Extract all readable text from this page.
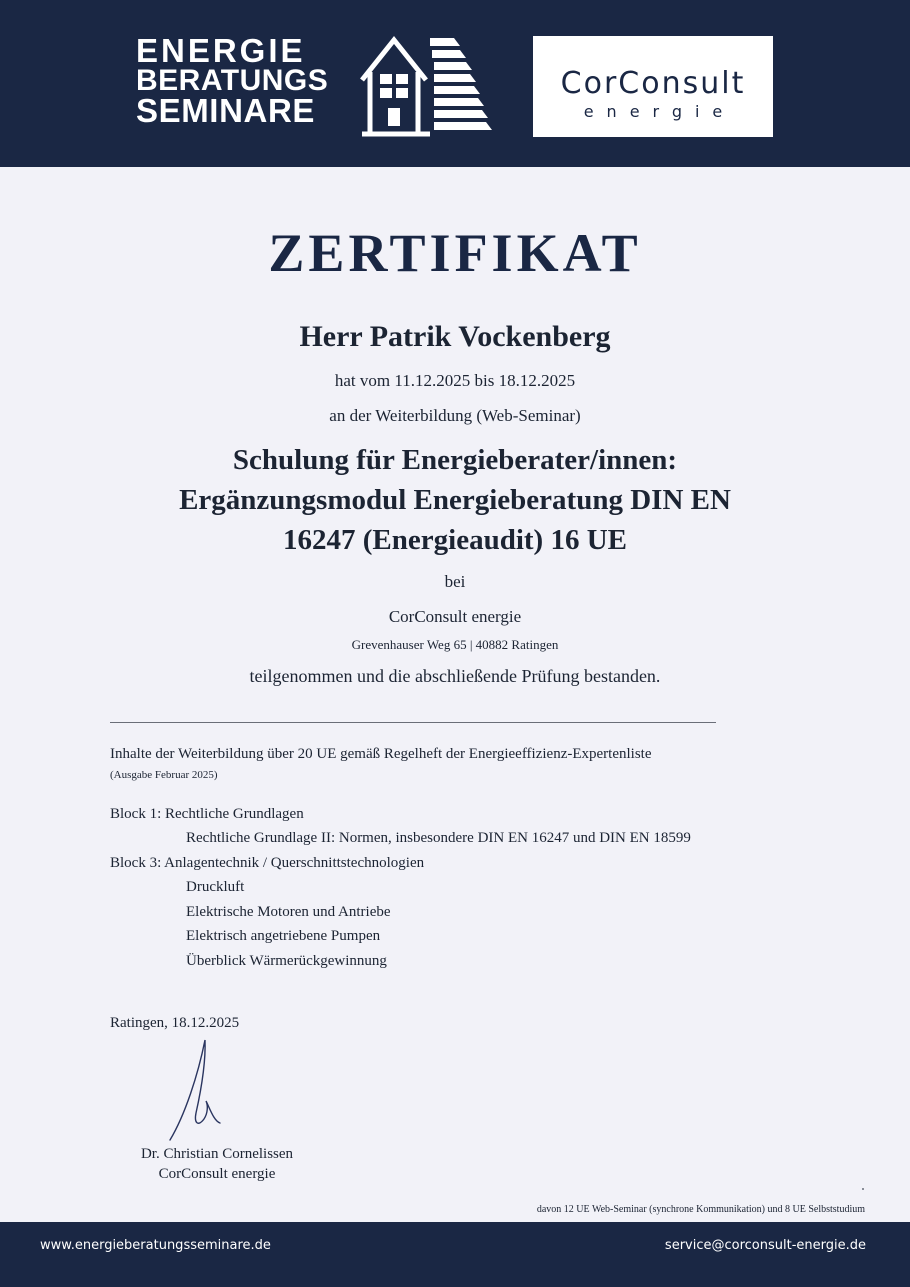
ENERGIE
BERATUNGS
SEMINARE
CorConsult
energie
ZERTIFIKAT
Herr Patrik Vockenberg
hat vom 11.12.2025 bis 18.12.2025
an der Weiterbildung (Web-Seminar)
Schulung für Energieberater/innen:
Ergänzungsmodul Energieberatung DIN EN
16247 (Energieaudit) 16 UE
bei
CorConsult energie
Grevenhauser Weg 65 | 40882 Ratingen
teilgenommen und die abschließende Prüfung bestanden.
Inhalte der Weiterbildung über 20 UE gemäß Regelheft der Energieeffizienz-Expertenliste
(Ausgabe Februar 2025)
Block 1: Rechtliche Grundlagen
Rechtliche Grundlage II: Normen, insbesondere DIN EN 16247 und DIN EN 18599
Block 3: Anlagentechnik / Querschnittstechnologien
Druckluft
Elektrische Motoren und Antriebe
Elektrisch angetriebene Pumpen
Überblick Wärmerückgewinnung
Ratingen, 18.12.2025
Dr. Christian Cornelissen
CorConsult energie
davon 12 UE Web-Seminar (synchrone Kommunikation) und 8 UE Selbststudium
www.energieberatungsseminare.de	service@corconsult-energie.de
